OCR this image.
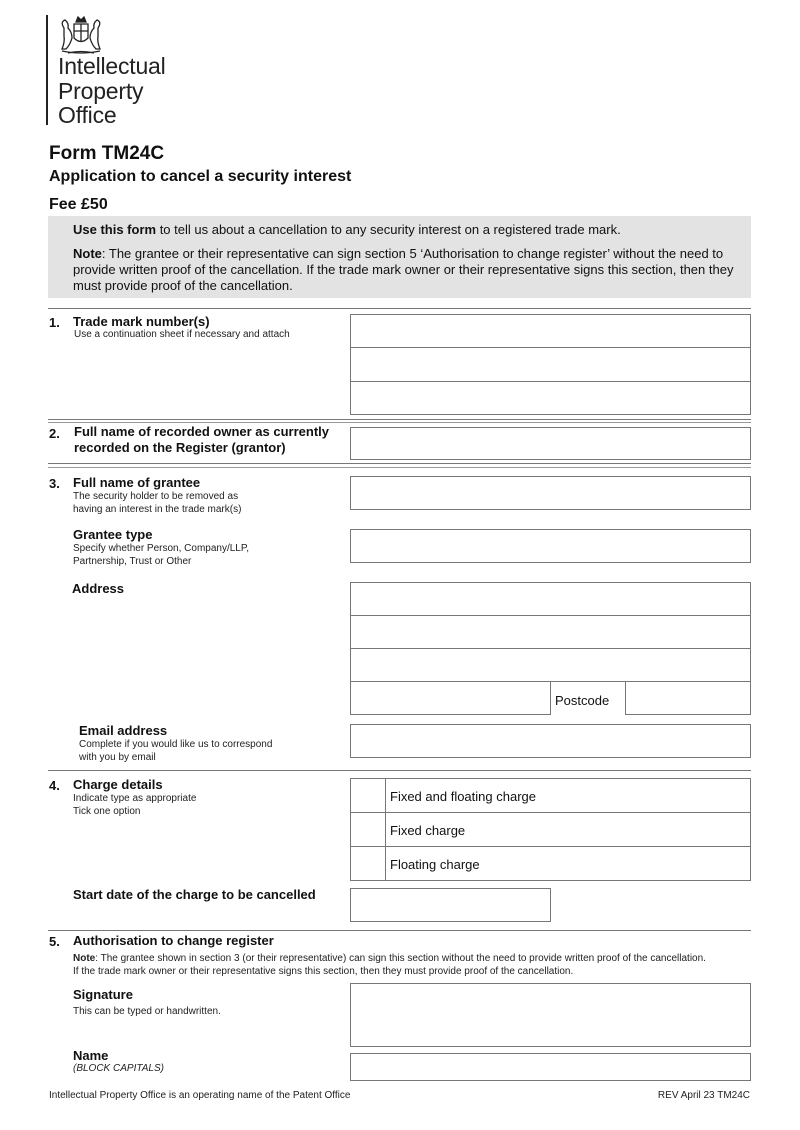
Intellectual
Property
Office
Form TM24C
Application to cancel a security interest
Fee £50

Use this form to tell us about a cancellation to any security interest on a registered trade mark.

Note: The grantee or their representative can sign section 5 ‘Authorisation to change register’ without the need to provide written proof of the cancellation. If the trade mark owner or their representative signs this section, then they must provide proof of the cancellation.

1. Trade mark number(s)
Use a continuation sheet if necessary and attach
2. Full name of recorded owner as currently
recorded on the Register (grantor)
3. Full name of grantee
The security holder to be removed as
having an interest in the trade mark(s)
Grantee type
Specify whether Person, Company/LLP,
Partnership, Trust or Other
Address
Postcode
Email address
Complete if you would like us to correspond
with you by email
4. Charge details
Indicate type as appropriate
Tick one option
Fixed and floating charge
Fixed charge
Floating charge
Start date of the charge to be cancelled
5. Authorisation to change register
Note: The grantee shown in section 3 (or their representative) can sign this section without the need to provide written proof of the cancellation. If the trade mark owner or their representative signs this section, then they must provide proof of the cancellation.
Signature
This can be typed or handwritten.
Name
(BLOCK CAPITALS)
Intellectual Property Office is an operating name of the Patent Office	REV April 23 TM24C
